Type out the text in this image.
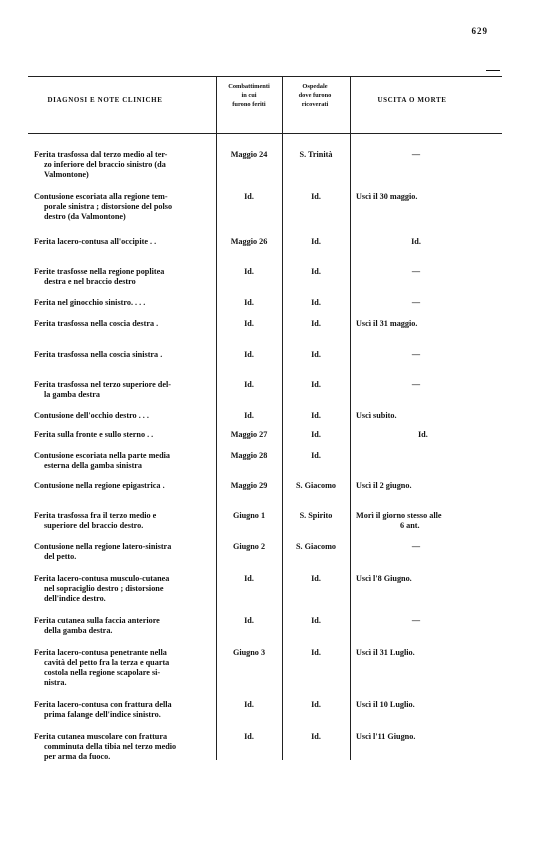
629
DIAGNOSI E NOTE CLINICHE
Combattimenti
in cui
furono feriti
Ospedale
dove furono
ricoverati
USCITA O MORTE
Ferita trasfossa dal terzo medio al ter-
zo inferiore del braccio sinistro (da
Valmontone)
Maggio 24	S. Trinità	—
Contusione escoriata alla regione tem-
porale sinistra ; distorsione del polso
destro (da Valmontone)
Id.	Id.	Uscì il 30 maggio.
Ferita lacero-contusa all'occipite . .	Maggio 26	Id.	Id.
Ferite trasfosse nella regione poplitea
destra e nel braccio destro
Id.	Id.	—
Ferita nel ginocchio sinistro. . . .	Id.	Id.	—
Ferita trasfossa nella coscia destra .	Id.	Id.	Uscì il 31 maggio.
Ferita trasfossa nella coscia sinistra .	Id.	Id.	—
Ferita trasfossa nel terzo superiore del-
la gamba destra
Id.	Id.	—
Contusione dell'occhio destro . . .	Id.	Id.	Uscì subito.
Ferita sulla fronte e sullo sterno . .	Maggio 27	Id.	Id.
Contusione escoriata nella parte media
esterna della gamba sinistra
Maggio 28	Id.
Contusione nella regione epigastrica .	Maggio 29	S. Giacomo	Uscì il 2 giugno.
Ferita trasfossa fra il terzo medio e
superiore del braccio destro.
Giugno 1	S. Spirito	Morì il giorno stesso alle
6 ant.
Contusione nella regione latero-sinistra
del petto.
Giugno 2	S. Giacomo	—
Ferita lacero-contusa musculo-cutanea
nel sopraciglio destro ; distorsione
dell'indice destro.
Id.	Id.	Uscì l'8 Giugno.
Ferita cutanea sulla faccia anteriore
della gamba destra.
Id.	Id.	—
Ferita lacero-contusa penetrante nella
cavità del petto fra la terza e quarta
costola nella regione scapolare si-
nistra.
Giugno 3	Id.	Uscì il 31 Luglio.
Ferita lacero-contusa con frattura della
prima falange dell'indice sinistro.
Id.	Id.	Uscì il 10 Luglio.
Ferita cutanea muscolare con frattura
comminuta della tibia nel terzo medio
per arma da fuoco.
Id.	Id.	Uscì l'11 Giugno.
